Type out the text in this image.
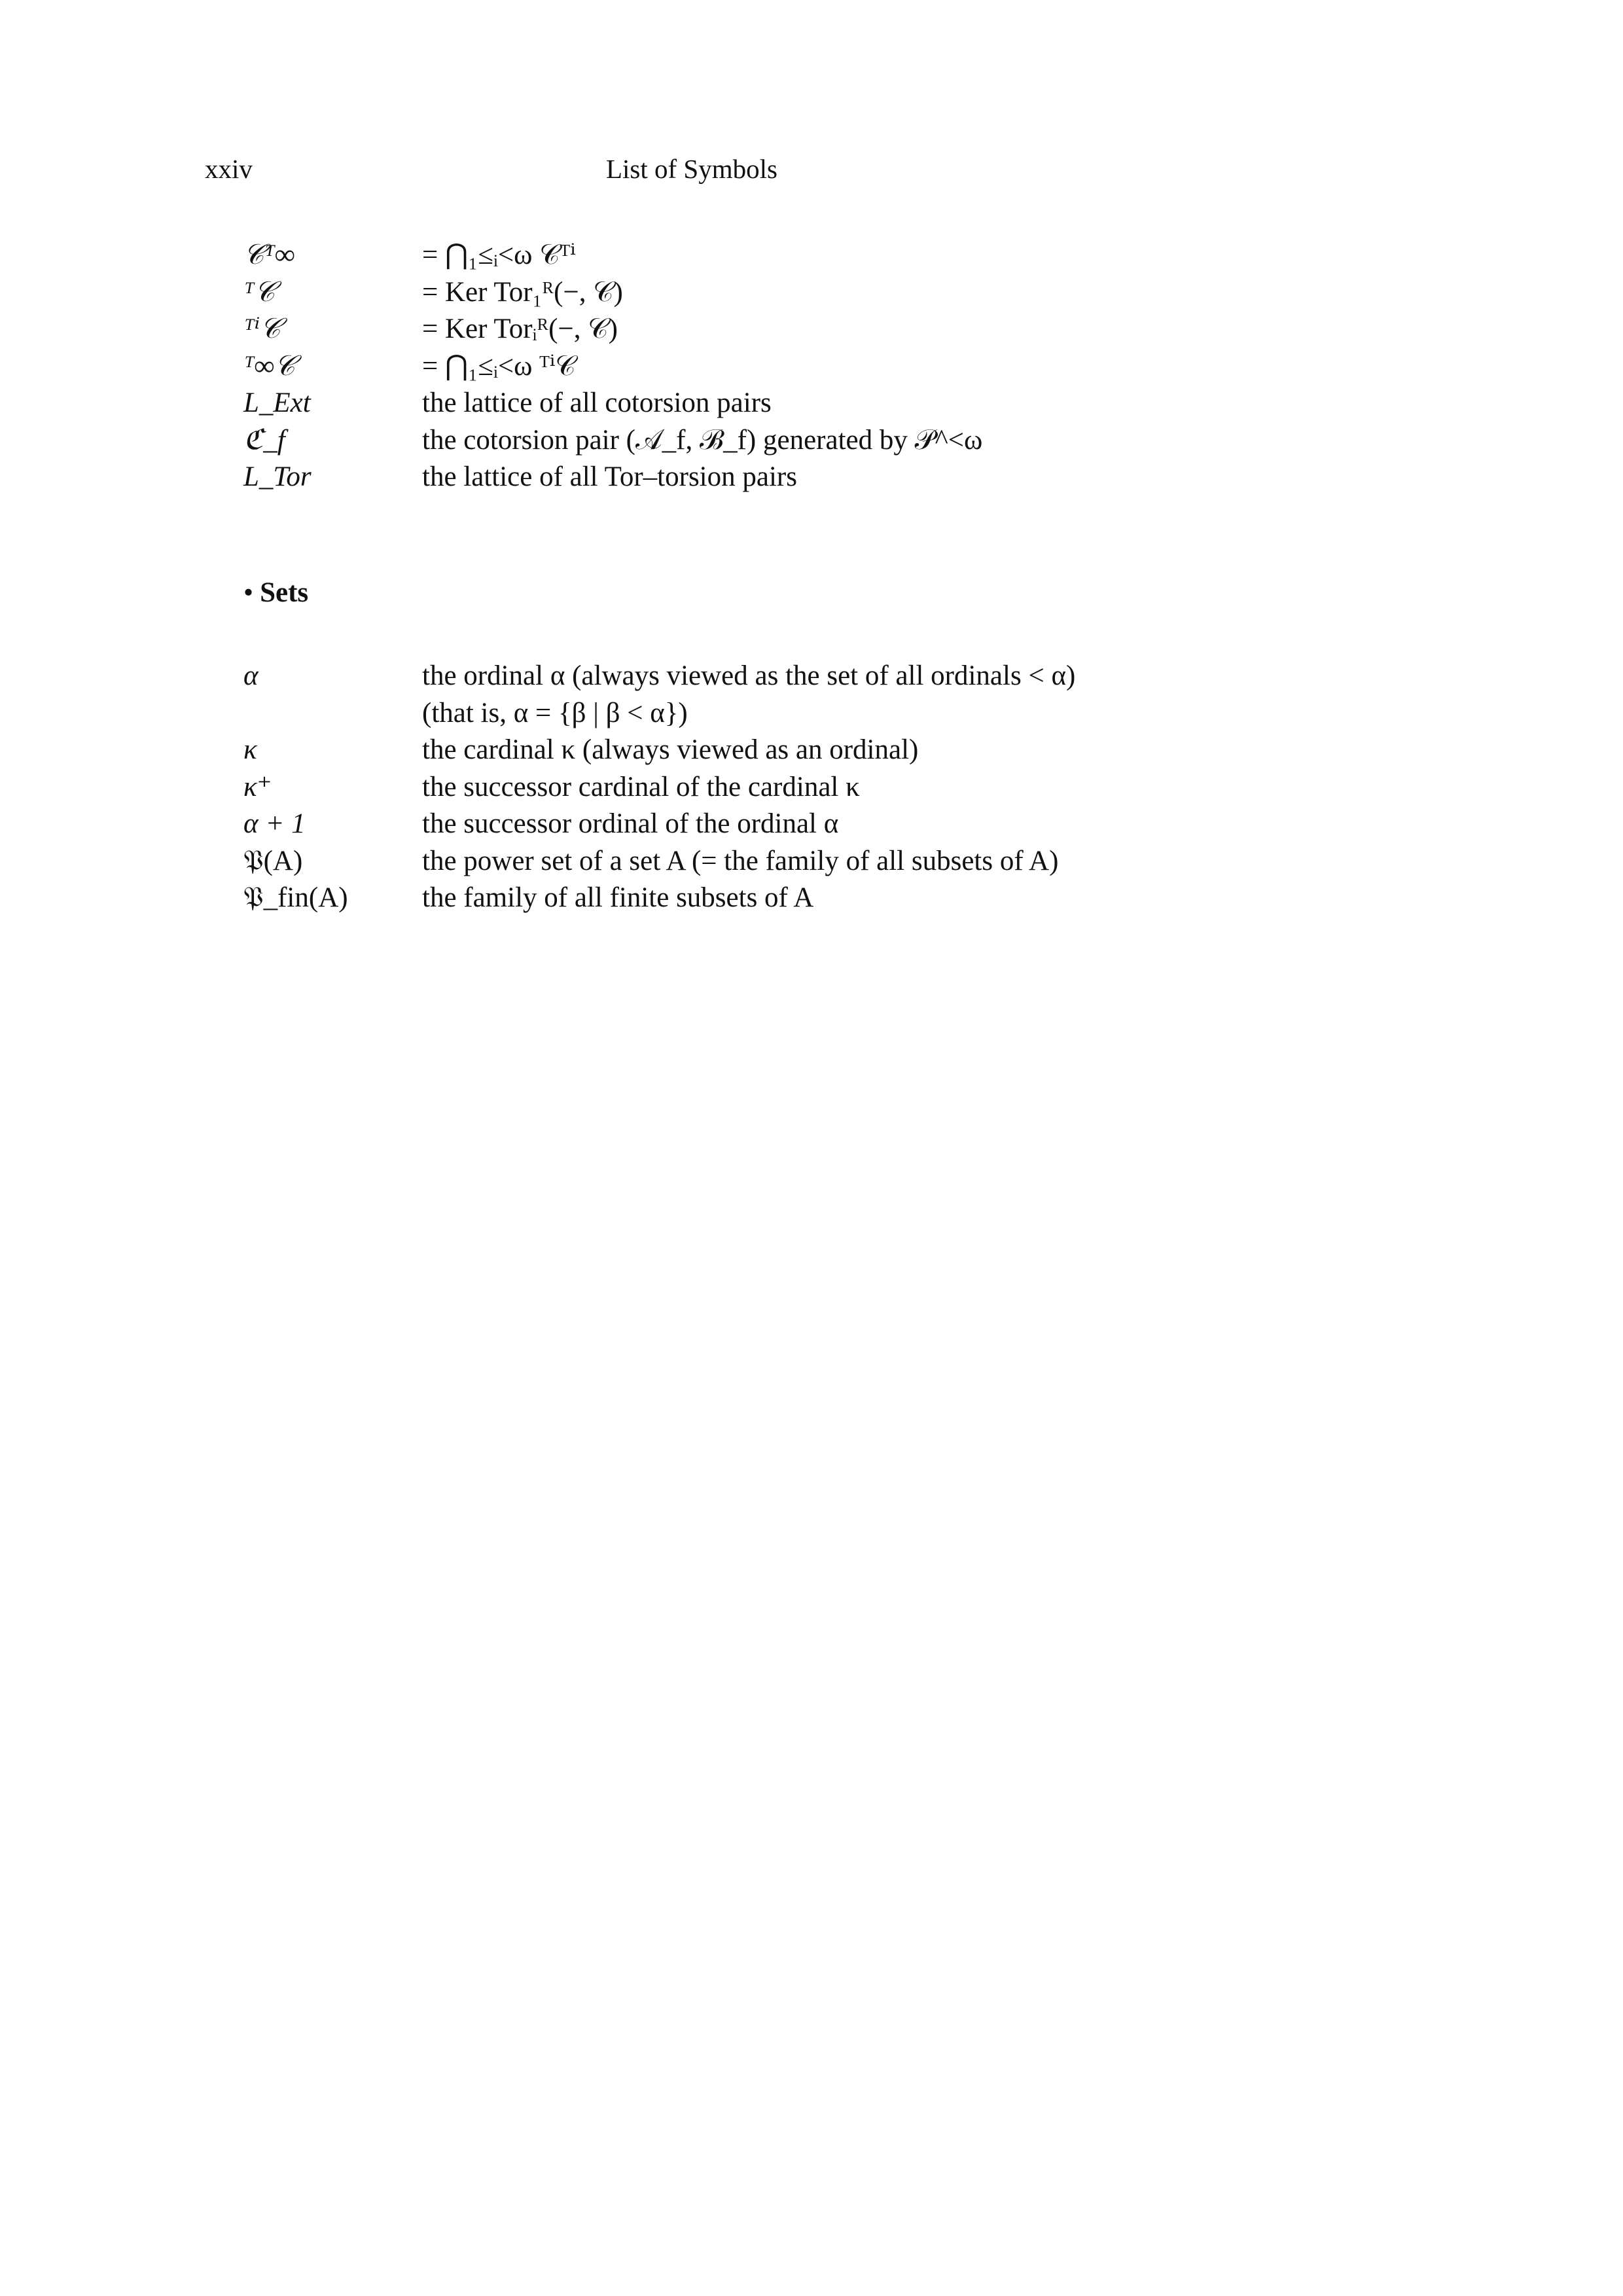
xxiv	List of Symbols
𝒞ᵀ∞	= ⋂₁≤ᵢ<ω 𝒞ᵀⁱ
ᵀ𝒞	= Ker Tor₁ᴿ(−, 𝒞)
ᵀⁱ𝒞	= Ker Torᵢᴿ(−, 𝒞)
ᵀ∞𝒞	= ⋂₁≤ᵢ<ω ᵀⁱ𝒞
L_Ext	the lattice of all cotorsion pairs
ℭ_f	the cotorsion pair (𝒜_f, ℬ_f) generated by 𝒫^<ω
L_Tor	the lattice of all Tor–torsion pairs
• Sets
α	the ordinal α (always viewed as the set of all ordinals < α)
(that is, α = {β | β < α})
κ	the cardinal κ (always viewed as an ordinal)
κ⁺	the successor cardinal of the cardinal κ
α + 1	the successor ordinal of the ordinal α
𝔓(A)	the power set of a set A (= the family of all subsets of A)
𝔓_fin(A)	the family of all finite subsets of A
